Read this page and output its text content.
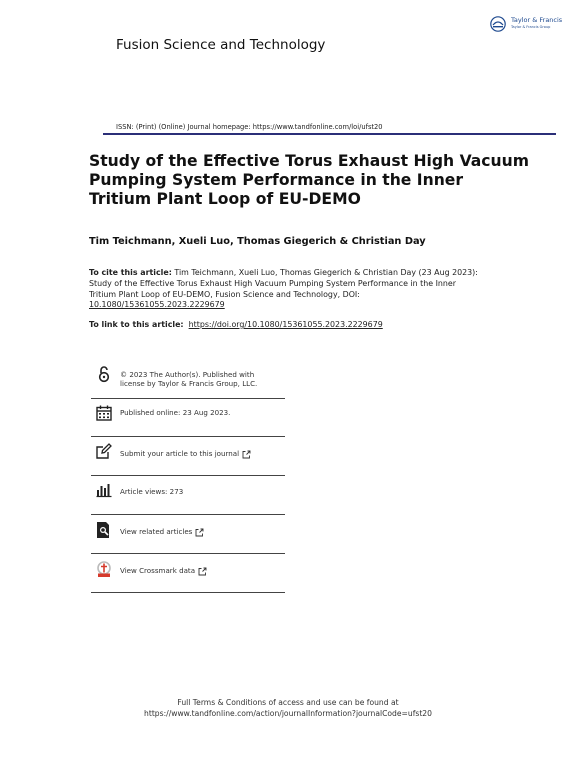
Taylor & Francis
Taylor & Francis Group
Fusion Science and Technology
ISSN: (Print) (Online) Journal homepage: https://www.tandfonline.com/loi/ufst20
Study of the Effective Torus Exhaust High Vacuum Pumping System Performance in the Inner Tritium Plant Loop of EU-DEMO
Tim Teichmann, Xueli Luo, Thomas Giegerich & Christian Day
To cite this article: Tim Teichmann, Xueli Luo, Thomas Giegerich & Christian Day (23 Aug 2023): Study of the Effective Torus Exhaust High Vacuum Pumping System Performance in the Inner Tritium Plant Loop of EU-DEMO, Fusion Science and Technology, DOI: 10.1080/15361055.2023.2229679
To link to this article: https://doi.org/10.1080/15361055.2023.2229679
© 2023 The Author(s). Published with license by Taylor & Francis Group, LLC.
Published online: 23 Aug 2023.
Submit your article to this journal
Article views: 273
View related articles
View Crossmark data
Full Terms & Conditions of access and use can be found at
https://www.tandfonline.com/action/journalInformation?journalCode=ufst20
